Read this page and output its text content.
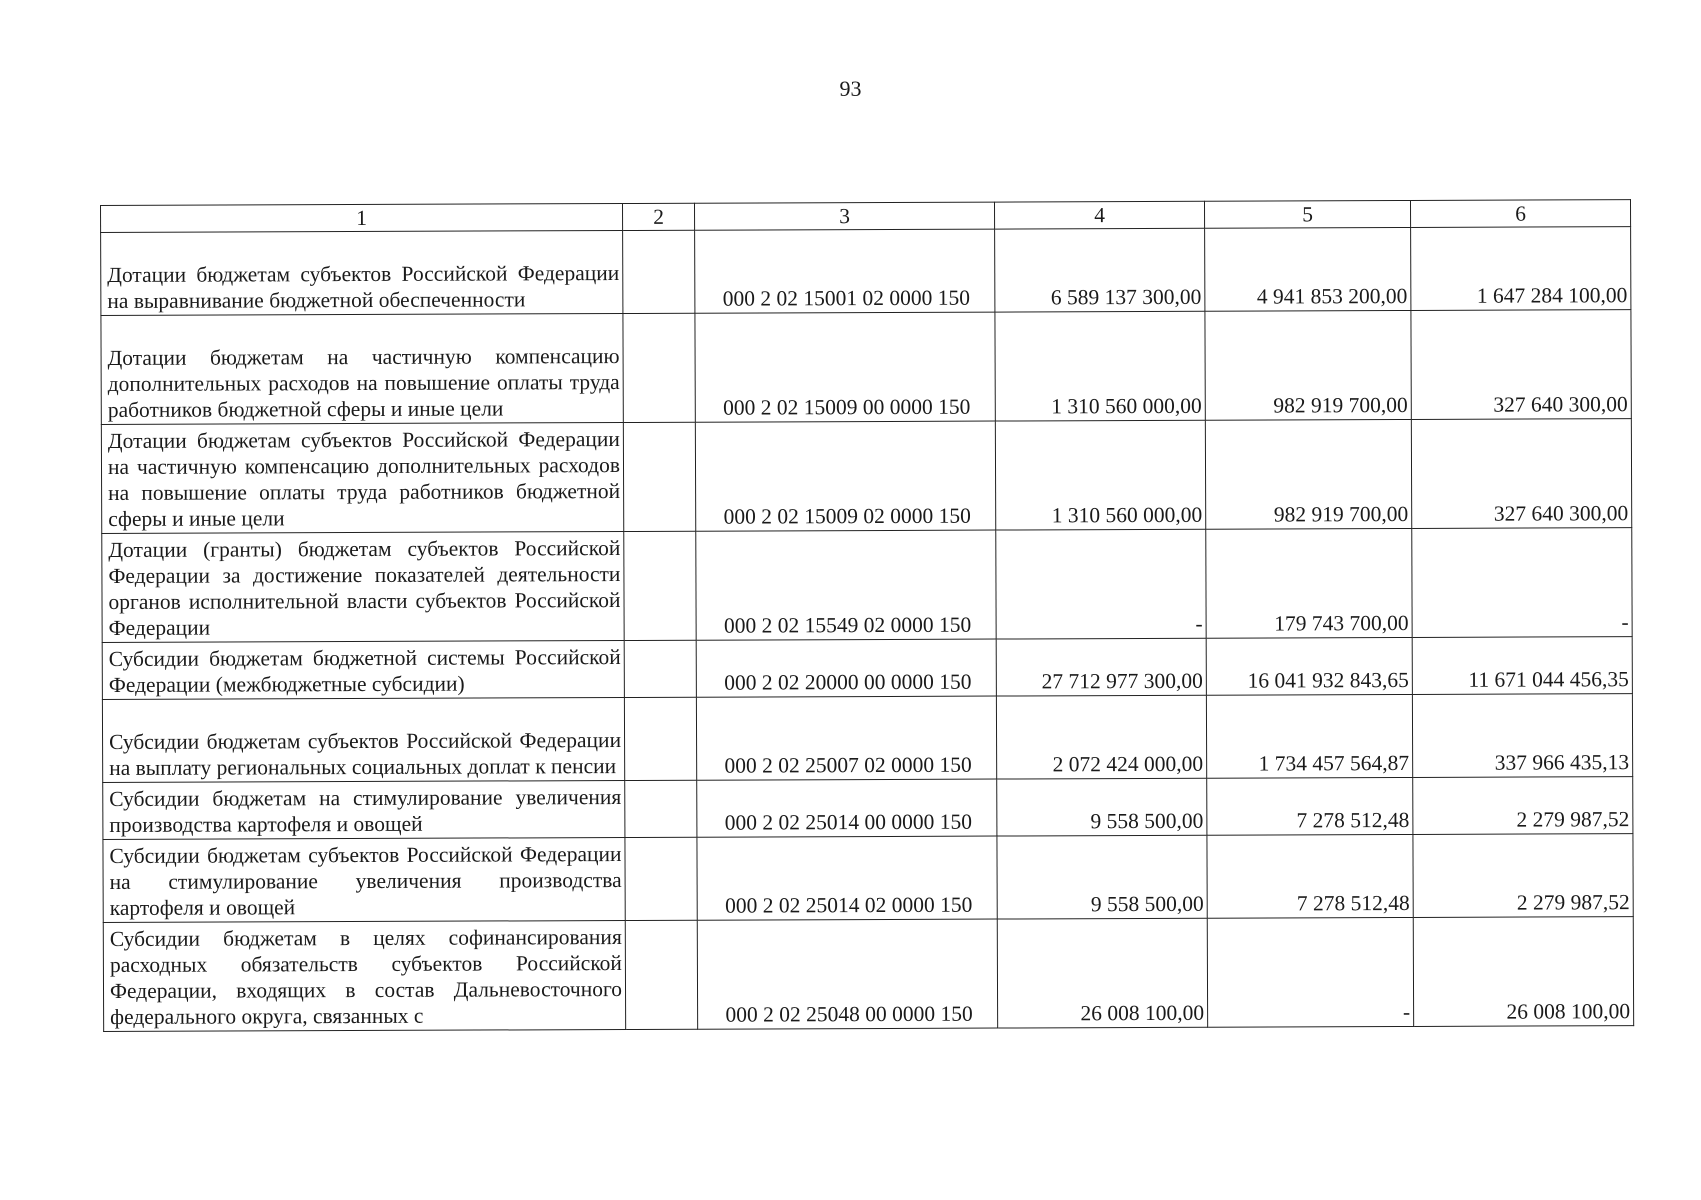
93
1	2	3	4	5	6
Дотации бюджетам субъектов Российской Федерации на выравнивание бюджетной обеспеченности		000 2 02 15001 02 0000 150	6 589 137 300,00	4 941 853 200,00	1 647 284 100,00
Дотации бюджетам на частичную компенсацию дополнительных расходов на повышение оплаты труда работников бюджетной сферы и иные цели		000 2 02 15009 00 0000 150	1 310 560 000,00	982 919 700,00	327 640 300,00
Дотации бюджетам субъектов Российской Федерации на частичную компенсацию дополнительных расходов на повышение оплаты труда работников бюджетной сферы и иные цели		000 2 02 15009 02 0000 150	1 310 560 000,00	982 919 700,00	327 640 300,00
Дотации (гранты) бюджетам субъектов Российской Федерации за достижение показателей деятельности органов исполнительной власти субъектов Российской Федерации		000 2 02 15549 02 0000 150	-	179 743 700,00	-
Субсидии бюджетам бюджетной системы Российской Федерации (межбюджетные субсидии)		000 2 02 20000 00 0000 150	27 712 977 300,00	16 041 932 843,65	11 671 044 456,35
Субсидии бюджетам субъектов Российской Федерации на выплату региональных социальных доплат к пенсии		000 2 02 25007 02 0000 150	2 072 424 000,00	1 734 457 564,87	337 966 435,13
Субсидии бюджетам на стимулирование увеличения производства картофеля и овощей		000 2 02 25014 00 0000 150	9 558 500,00	7 278 512,48	2 279 987,52
Субсидии бюджетам субъектов Российской Федерации на стимулирование увеличения производства картофеля и овощей		000 2 02 25014 02 0000 150	9 558 500,00	7 278 512,48	2 279 987,52
Субсидии бюджетам в целях софинансирования расходных обязательств субъектов Российской Федерации, входящих в состав Дальневосточного федерального округа, связанных с		000 2 02 25048 00 0000 150	26 008 100,00	-	26 008 100,00
